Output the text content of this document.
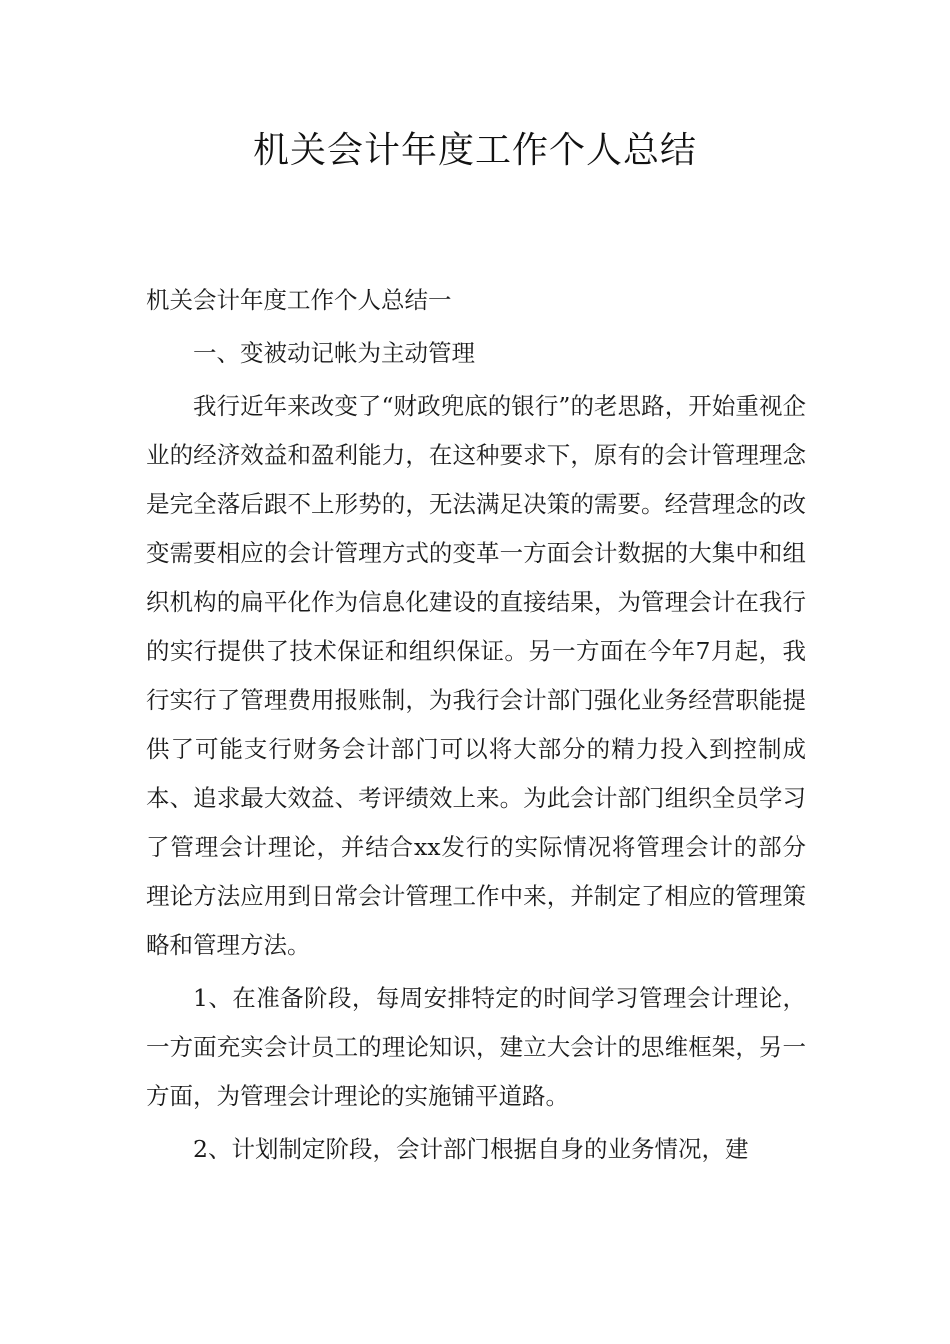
机关会计年度工作个人总结

机关会计年度工作个人总结一

一、变被动记帐为主动管理

我行近年来改变了“财政兜底的银行”的老思路，开始重视企业的经济效益和盈利能力，在这种要求下，原有的会计管理理念是完全落后跟不上形势的，无法满足决策的需要。经营理念的改变需要相应的会计管理方式的变革一方面会计数据的大集中和组织机构的扁平化作为信息化建设的直接结果，为管理会计在我行的实行提供了技术保证和组织保证。另一方面在今年7月起，我行实行了管理费用报账制，为我行会计部门强化业务经营职能提供了可能支行财务会计部门可以将大部分的精力投入到控制成本、追求最大效益、考评绩效上来。为此会计部门组织全员学习了管理会计理论，并结合xx发行的实际情况将管理会计的部分理论方法应用到日常会计管理工作中来，并制定了相应的管理策略和管理方法。

1、在准备阶段，每周安排特定的时间学习管理会计理论，一方面充实会计员工的理论知识，建立大会计的思维框架，另一方面，为管理会计理论的实施铺平道路。

2、计划制定阶段，会计部门根据自身的业务情况，建
